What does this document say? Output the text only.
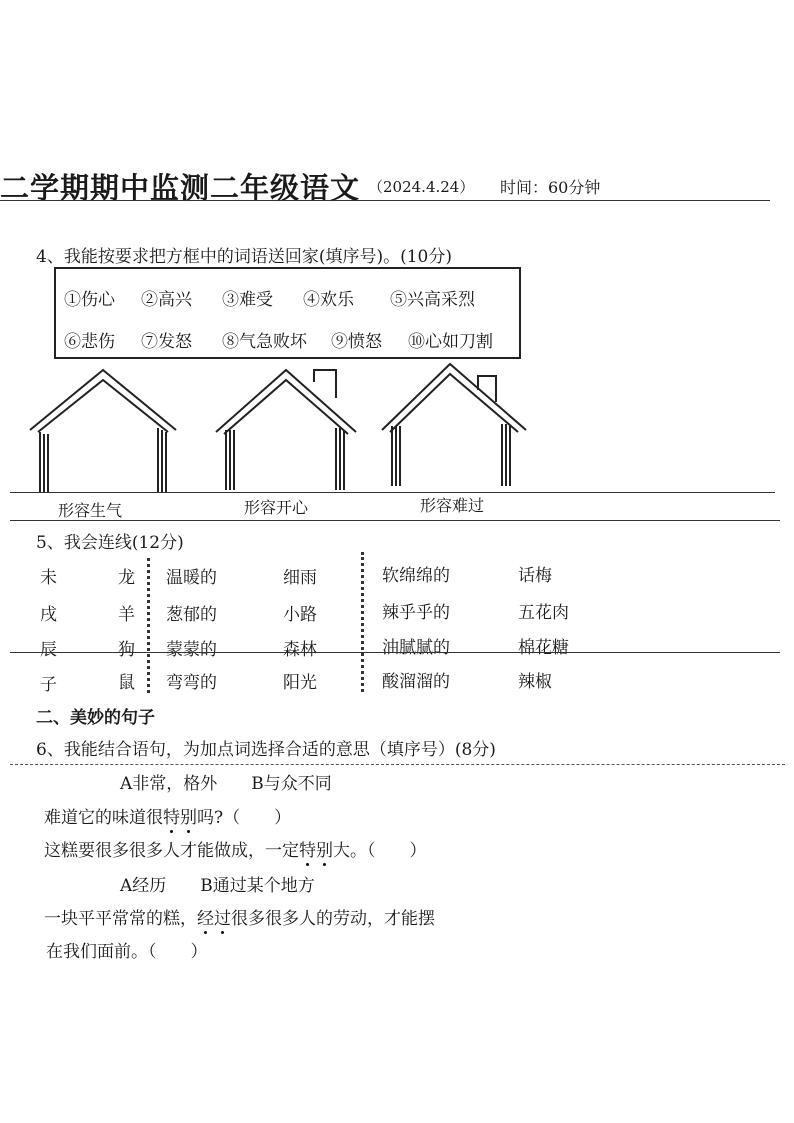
二学期期中监测二年级语文 （2024.4.24） 时间：60分钟
4、我能按要求把方框中的词语送回家(填序号)。(10分)
①伤心 ②高兴 ③难受 ④欢乐 ⑤兴高采烈
⑥悲伤 ⑦发怒 ⑧气急败坏 ⑨愤怒 ⑩心如刀割
形容生气	形容开心	形容难过
5、我会连线(12分)
未
戌
辰
子
龙
羊
狗
鼠
温暖的
葱郁的
蒙蒙的
弯弯的
细雨
小路
森林
阳光
软绵绵的
辣乎乎的
油腻腻的
酸溜溜的
话梅
五花肉
棉花糖
辣椒
二、美妙的句子
6、我能结合语句，为加点词选择合适的意思（填序号）(8分)
A非常，格外　　B与众不同
难道它的味道很特别吗?（　　）
这糕要很多很多人才能做成，一定特别大。（　　）
A经历　　B通过某个地方
一块平平常常的糕，经过很多很多人的劳动，才能摆
在我们面前。（　　）
